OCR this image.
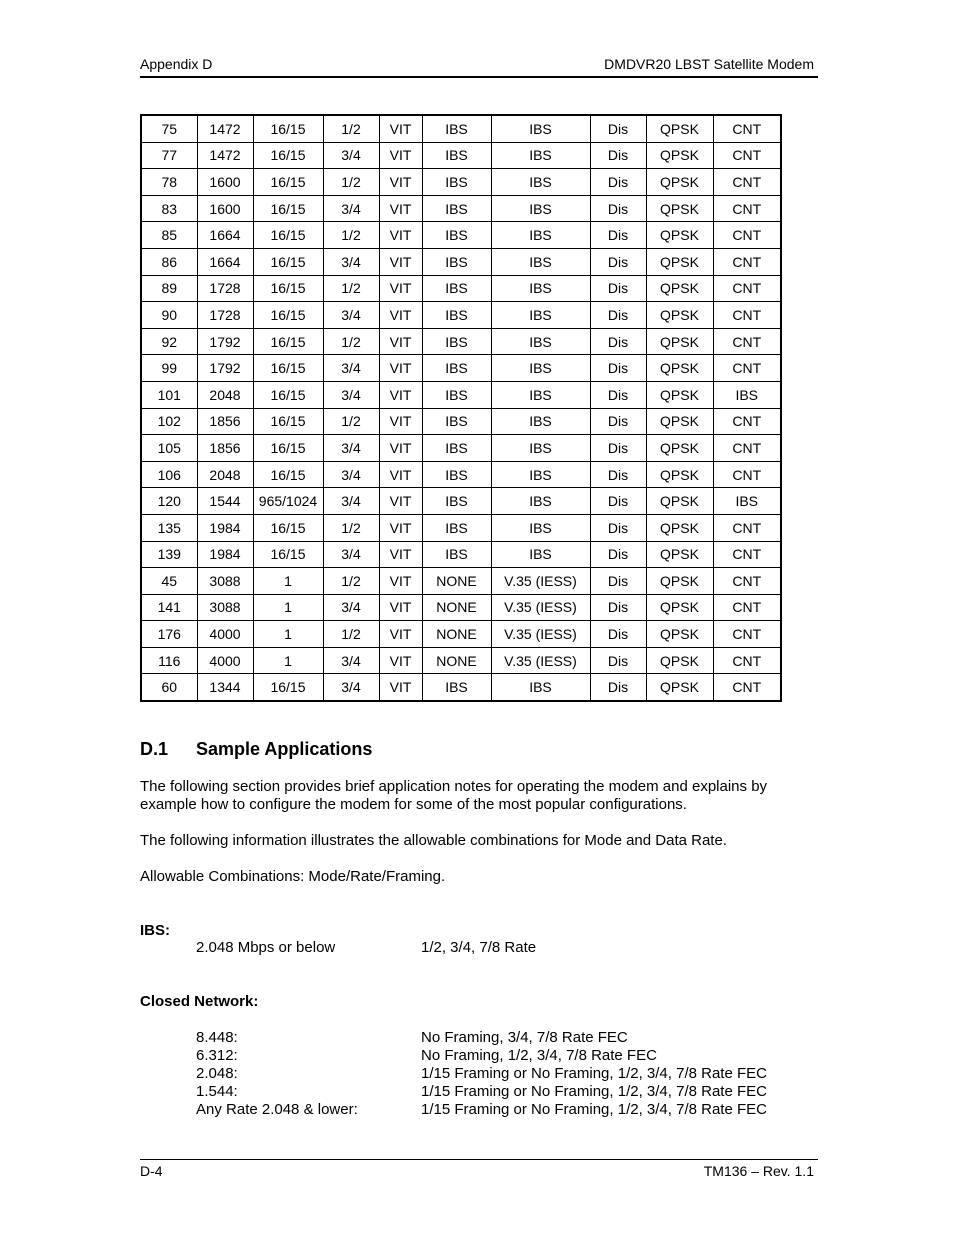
Appendix D	DMDVR20 LBST Satellite Modem
75	1472	16/15	1/2	VIT	IBS	IBS	Dis	QPSK	CNT
77	1472	16/15	3/4	VIT	IBS	IBS	Dis	QPSK	CNT
78	1600	16/15	1/2	VIT	IBS	IBS	Dis	QPSK	CNT
83	1600	16/15	3/4	VIT	IBS	IBS	Dis	QPSK	CNT
85	1664	16/15	1/2	VIT	IBS	IBS	Dis	QPSK	CNT
86	1664	16/15	3/4	VIT	IBS	IBS	Dis	QPSK	CNT
89	1728	16/15	1/2	VIT	IBS	IBS	Dis	QPSK	CNT
90	1728	16/15	3/4	VIT	IBS	IBS	Dis	QPSK	CNT
92	1792	16/15	1/2	VIT	IBS	IBS	Dis	QPSK	CNT
99	1792	16/15	3/4	VIT	IBS	IBS	Dis	QPSK	CNT
101	2048	16/15	3/4	VIT	IBS	IBS	Dis	QPSK	IBS
102	1856	16/15	1/2	VIT	IBS	IBS	Dis	QPSK	CNT
105	1856	16/15	3/4	VIT	IBS	IBS	Dis	QPSK	CNT
106	2048	16/15	3/4	VIT	IBS	IBS	Dis	QPSK	CNT
120	1544	965/1024	3/4	VIT	IBS	IBS	Dis	QPSK	IBS
135	1984	16/15	1/2	VIT	IBS	IBS	Dis	QPSK	CNT
139	1984	16/15	3/4	VIT	IBS	IBS	Dis	QPSK	CNT
45	3088	1	1/2	VIT	NONE	V.35 (IESS)	Dis	QPSK	CNT
141	3088	1	3/4	VIT	NONE	V.35 (IESS)	Dis	QPSK	CNT
176	4000	1	1/2	VIT	NONE	V.35 (IESS)	Dis	QPSK	CNT
116	4000	1	3/4	VIT	NONE	V.35 (IESS)	Dis	QPSK	CNT
60	1344	16/15	3/4	VIT	IBS	IBS	Dis	QPSK	CNT
D.1 Sample Applications

The following section provides brief application notes for operating the modem and explains by example how to configure the modem for some of the most popular configurations.

The following information illustrates the allowable combinations for Mode and Data Rate.

Allowable Combinations: Mode/Rate/Framing.

IBS:
2.048 Mbps or below	1/2, 3/4, 7/8 Rate
Closed Network:
8.448:	No Framing, 3/4, 7/8 Rate FEC
6.312:	No Framing, 1/2, 3/4, 7/8 Rate FEC
2.048:	1/15 Framing or No Framing, 1/2, 3/4, 7/8 Rate FEC
1.544:	1/15 Framing or No Framing, 1/2, 3/4, 7/8 Rate FEC
Any Rate 2.048 & lower:	1/15 Framing or No Framing, 1/2, 3/4, 7/8 Rate FEC
D-4	TM136 – Rev. 1.1
